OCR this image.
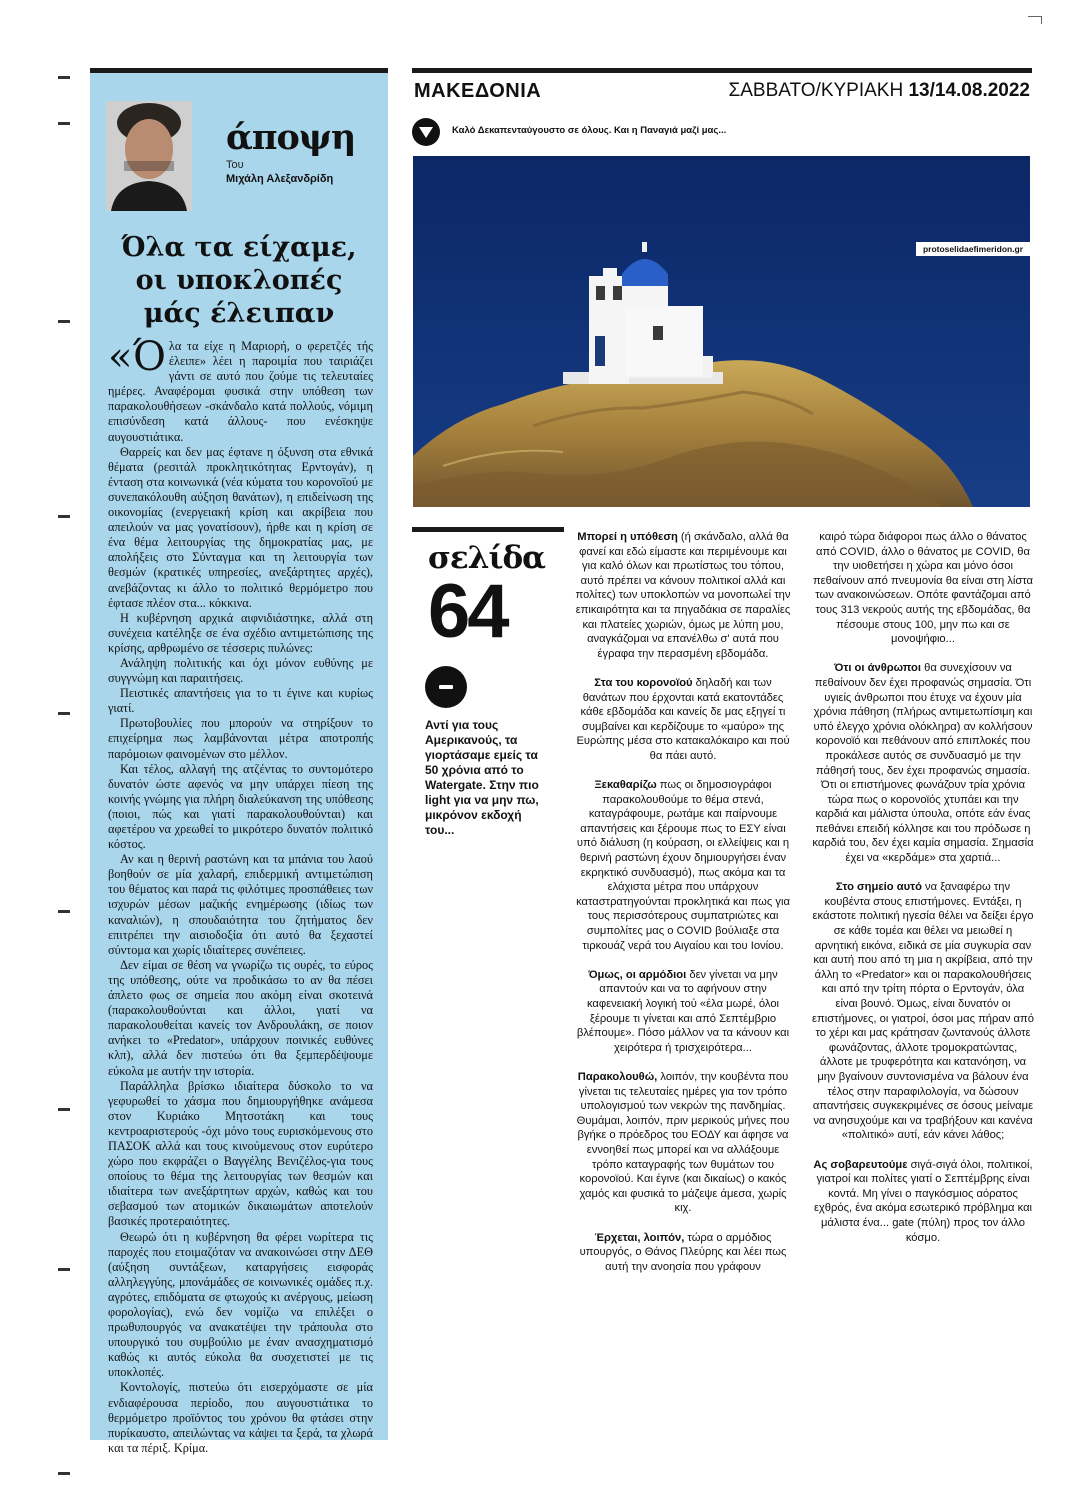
άποψη
Του
Μιχάλη Αλεξανδρίδη
Όλα τα είχαμε,
οι υποκλοπές
μάς έλειπαν

«Όλα τα είχε η Μαριορή, ο φερετζές τής έλειπε» λέει η παροιμία που ταιριάζει γάντι σε αυτό που ζούμε τις τελευταίες ημέρες. Αναφέρομαι φυσικά στην υπόθεση των παρακολουθήσεων -σκάνδαλο κατά πολλούς, νόμιμη επισύνδεση κατά άλλους- που ενέσκηψε αυγουστιάτικα.

Θαρρείς και δεν μας έφτανε η όξυνση στα εθνικά θέματα (ρεσιτάλ προκλητικότητας Ερντογάν), η ένταση στα κοινωνικά (νέα κύματα του κορονοϊού με συνεπακόλουθη αύξηση θανάτων), η επιδείνωση της οικονομίας (ενεργειακή κρίση και ακρίβεια που απειλούν να μας γονατίσουν), ήρθε και η κρίση σε ένα θέμα λειτουργίας της δημοκρατίας μας, με απολήξεις στο Σύνταγμα και τη λειτουργία των θεσμών (κρατικές υπηρεσίες, ανεξάρτητες αρχές), ανεβάζοντας κι άλλο το πολιτικό θερμόμετρο που έφτασε πλέον στα... κόκκινα.

Η κυβέρνηση αρχικά αιφνιδιάστηκε, αλλά στη συνέχεια κατέληξε σε ένα σχέδιο αντιμετώπισης της κρίσης, αρθρωμένο σε τέσσερις πυλώνες:

Ανάληψη πολιτικής και όχι μόνον ευθύνης με συγγνώμη και παραιτήσεις.

Πειστικές απαντήσεις για το τι έγινε και κυρίως γιατί.

Πρωτοβουλίες που μπορούν να στηρίξουν το επιχείρημα πως λαμβάνονται μέτρα αποτροπής παρόμοιων φαινομένων στο μέλλον.

Και τέλος, αλλαγή της ατζέντας το συντομότερο δυνατόν ώστε αφενός να μην υπάρχει πίεση της κοινής γνώμης για πλήρη διαλεύκανση της υπόθεσης (ποιοι, πώς και γιατί παρακολουθούνται) και αφετέρου να χρεωθεί το μικρότερο δυνατόν πολιτικό κόστος.

Αν και η θερινή ραστώνη και τα μπάνια του λαού βοηθούν σε μία χαλαρή, επιδερμική αντιμετώπιση του θέματος και παρά τις φιλότιμες προσπάθειες των ισχυρών μέσων μαζικής ενημέρωσης (ιδίως των καναλιών), η σπουδαιότητα του ζητήματος δεν επιτρέπει την αισιοδοξία ότι αυτό θα ξεχαστεί σύντομα και χωρίς ιδιαίτερες συνέπειες.

Δεν είμαι σε θέση να γνωρίζω τις ουρές, το εύρος της υπόθεσης, ούτε να προδικάσω το αν θα πέσει άπλετο φως σε σημεία που ακόμη είναι σκοτεινά (παρακολουθούνται και άλλοι, γιατί να παρακολουθείται κανείς τον Ανδρουλάκη, σε ποιον ανήκει το «Predator», υπάρχουν ποινικές ευθύνες κλπ), αλλά δεν πιστεύω ότι θα ξεμπερδέψουμε εύκολα με αυτήν την ιστορία.

Παράλληλα βρίσκω ιδιαίτερα δύσκολο το να γεφυρωθεί το χάσμα που δημιουργήθηκε ανάμεσα στον Κυριάκο Μητσοτάκη και τους κεντροαριστερούς -όχι μόνο τους ευρισκόμενους στο ΠΑΣΟΚ αλλά και τους κινούμενους στον ευρύτερο χώρο που εκφράζει ο Βαγγέλης Βενιζέλος-για τους οποίους το θέμα της λειτουργίας των θεσμών και ιδιαίτερα των ανεξάρτητων αρχών, καθώς και του σεβασμού των ατομικών δικαιωμάτων αποτελούν βασικές προτεραιότητες.

Θεωρώ ότι η κυβέρνηση θα φέρει νωρίτερα τις παροχές που ετοιμαζόταν να ανακοινώσει στην ΔΕΘ (αύξηση συντάξεων, καταργήσεις εισφοράς αλληλεγγύης, μπονάμάδες σε κοινωνικές ομάδες π.χ. αγρότες, επιδόματα σε φτωχούς κι ανέργους, μείωση φορολογίας), ενώ δεν νομίζω να επιλέξει ο πρωθυπουργός να ανακατέψει την τράπουλα στο υπουργικό του συμβούλιο με έναν ανασχηματισμό καθώς κι αυτός εύκολα θα συσχετιστεί με τις υποκλοπές.

Κοντολογίς, πιστεύω ότι εισερχόμαστε σε μία ενδιαφέρουσα περίοδο, που αυγουστιάτικα το θερμόμετρο προϊόντος του χρόνου θα φτάσει στην πυρίκαυστο, απειλώντας να κάψει τα ξερά, τα χλωρά και τα πέριξ. Κρίμα.

ΜΑΚΕΔΟΝΙΑ	ΣΑΒΒΑΤΟ/ΚΥΡΙΑΚΗ 13/14.08.2022
Καλό Δεκαπενταύγουστο σε όλους. Και η Παναγιά μαζί μας...
protoselidaefimeridon.gr
σελίδα
64
Αντί για τους Αμερικανούς, τα γιορτάσαμε εμείς τα 50 χρόνια από το Watergate. Στην πιο light για να μην πω, μικρόνον εκδοχή του...

Μπορεί η υπόθεση (ή σκάνδαλο, αλλά θα φανεί και εδώ είμαστε και περιμένουμε και για καλό όλων και πρωτίστως του τόπου, αυτό πρέπει να κάνουν πολιτικοί αλλά και πολίτες) των υποκλοπών να μονοπωλεί την επικαιρότητα και τα πηγαδάκια σε παραλίες και πλατείες χωριών, όμως με λύπη μου, αναγκάζομαι να επανέλθω σ' αυτά που έγραφα την περασμένη εβδομάδα.

Στα του κορονοϊού δηλαδή και των θανάτων που έρχονται κατά εκατοντάδες κάθε εβδομάδα και κανείς δε μας εξηγεί τι συμβαίνει και κερδίζουμε το «μαύρο» της Ευρώπης μέσα στο κατακαλόκαιρο και πού θα πάει αυτό.

Ξεκαθαρίζω πως οι δημοσιογράφοι παρακολουθούμε το θέμα στενά, καταγράφουμε, ρωτάμε και παίρνουμε απαντήσεις και ξέρουμε πως το ΕΣΥ είναι υπό διάλυση (η κούραση, οι ελλείψεις και η θερινή ραστώνη έχουν δημιουργήσει έναν εκρηκτικό συνδυασμό), πως ακόμα και τα ελάχιστα μέτρα που υπάρχουν καταστρατηγούνται προκλητικά και πως για τους περισσότερους συμπατριώτες και συμπολίτες μας ο COVID βούλιαξε στα τιρκουάζ νερά του Αιγαίου και του Ιονίου.

Όμως, οι αρμόδιοι δεν γίνεται να μην απαντούν και να το αφήνουν στην καφενειακή λογική τού «έλα μωρέ, όλοι ξέρουμε τι γίνεται και από Σεπτέμβριο βλέπουμε». Πόσο μάλλον να τα κάνουν και χειρότερα ή τρισχειρότερα...

Παρακολουθώ, λοιπόν, την κουβέντα που γίνεται τις τελευταίες ημέρες για τον τρόπο υπολογισμού των νεκρών της πανδημίας. Θυμάμαι, λοιπόν, πριν μερικούς μήνες που βγήκε ο πρόεδρος του ΕΟΔΥ και άφησε να εννοηθεί πως μπορεί και να αλλάξουμε τρόπο καταγραφής των θυμάτων του κορονοϊού. Και έγινε (και δικαίως) ο κακός χαμός και φυσικά το μάζεψε άμεσα, χωρίς κιχ.

Έρχεται, λοιπόν, τώρα ο αρμόδιος υπουργός, ο Θάνος Πλεύρης και λέει πως αυτή την ανοησία που γράφουν

καιρό τώρα διάφοροι πως άλλο ο θάνατος από COVID, άλλο ο θάνατος με COVID, θα την υιοθετήσει η χώρα και μόνο όσοι πεθαίνουν από πνευμονία θα είναι στη λίστα των ανακοινώσεων. Οπότε φαντάζομαι από τους 313 νεκρούς αυτής της εβδομάδας, θα πέσουμε στους 100, μην πω και σε μονοψήφιο...

Ότι οι άνθρωποι θα συνεχίσουν να πεθαίνουν δεν έχει προφανώς σημασία. Ότι υγιείς άνθρωποι που έτυχε να έχουν μία χρόνια πάθηση (πλήρως αντιμετωπίσιμη και υπό έλεγχο χρόνια ολόκληρα) αν κολλήσουν κορονοϊό και πεθάνουν από επιπλοκές που προκάλεσε αυτός σε συνδυασμό με την πάθησή τους, δεν έχει προφανώς σημασία. Ότι οι επιστήμονες φωνάζουν τρία χρόνια τώρα πως ο κορονοϊός χτυπάει και την καρδιά και μάλιστα ύπουλα, οπότε εάν ένας πεθάνει επειδή κόλλησε και του πρόδωσε η καρδιά του, δεν έχει καμία σημασία. Σημασία έχει να «κερδάμε» στα χαρτιά...

Στο σημείο αυτό να ξαναφέρω την κουβέντα στους επιστήμονες. Εντάξει, η εκάστοτε πολιτική ηγεσία θέλει να δείξει έργο σε κάθε τομέα και θέλει να μειωθεί η αρνητική εικόνα, ειδικά σε μία συγκυρία σαν και αυτή που από τη μια η ακρίβεια, από την άλλη το «Predator» και οι παρακολουθήσεις και από την τρίτη πόρτα ο Ερντογάν, όλα είναι βουνό. Όμως, είναι δυνατόν οι επιστήμονες, οι γιατροί, όσοι μας πήραν από το χέρι και μας κράτησαν ζωντανούς άλλοτε φωνάζοντας, άλλοτε τρομοκρατώντας, άλλοτε με τρυφερότητα και κατανόηση, να μην βγαίνουν συντονισμένα να βάλουν ένα τέλος στην παραφιλολογία, να δώσουν απαντήσεις συγκεκριμένες σε όσους μείναμε να ανησυχούμε και να τραβήξουν και κανένα «πολιτικό» αυτί, εάν κάνει λάθος;

Ας σοβαρευτούμε σιγά-σιγά όλοι, πολιτικοί, γιατροί και πολίτες γιατί ο Σεπτέμβρης είναι κοντά. Μη γίνει ο παγκόσμιος αόρατος εχθρός, ένα ακόμα εσωτερικό πρόβλημα και μάλιστα ένα... gate (πύλη) προς τον άλλο κόσμο.
